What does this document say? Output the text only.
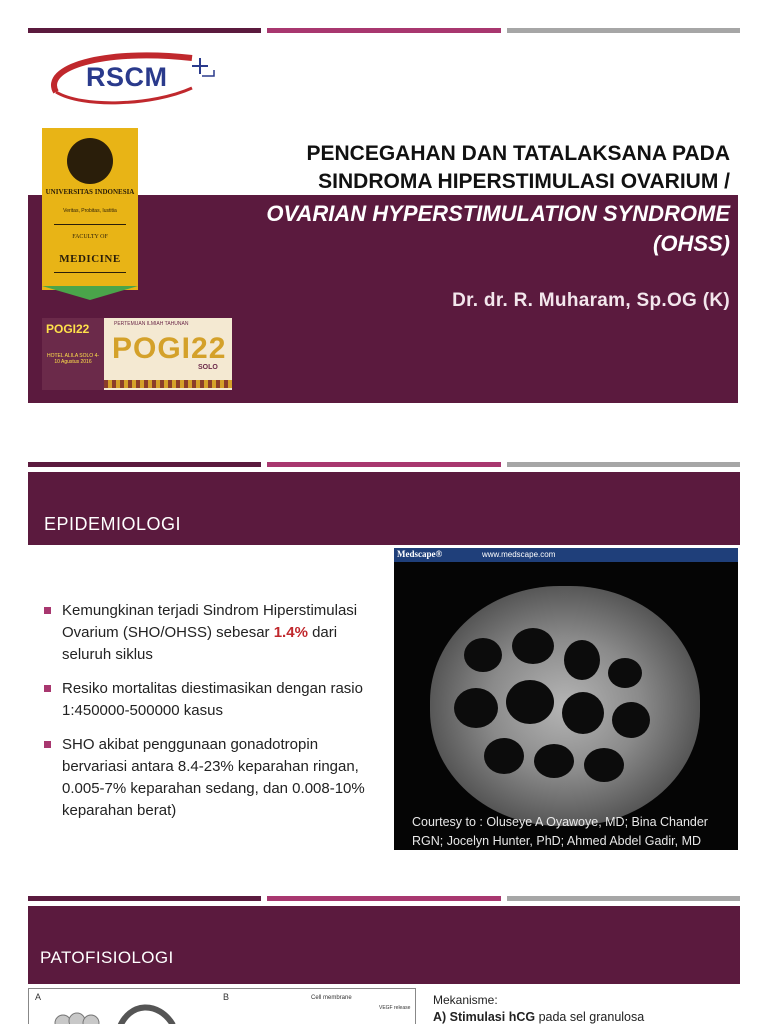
RSCM
UNIVERSITAS INDONESIA
Veritas, Probitas, Iustitia
FACULTY OF
MEDICINE
PENCEGAHAN DAN TATALAKSANA PADA
SINDROMA HIPERSTIMULASI OVARIUM /
OVARIAN HYPERSTIMULATION SYNDROME
(OHSS)
Dr. dr. R. Muharam, Sp.OG (K)
POGI22
HOTEL ALILA SOLO 4-10 Agustus 2016
PERTEMUAN ILMIAH TAHUNAN
POGI22
SOLO
EPIDEMIOLOGI
Kemungkinan terjadi Sindrom Hiperstimulasi Ovarium (SHO/OHSS) sebesar 1.4% dari seluruh siklus
Resiko mortalitas diestimasikan dengan rasio 1:450000-500000 kasus
SHO akibat penggunaan gonadotropin bervariasi antara 8.4-23% keparahan ringan, 0.005-7% keparahan sedang, dan 0.008-10% keparahan berat)
Medscape®	www.medscape.com
Courtesy to : Oluseye A Oyawoye, MD; Bina Chander RGN; Jocelyn Hunter, PhD; Ahmed Abdel Gadir, MD
PATOFISIOLOGI
A	B	Cell membrane
VEGF release
Mekanisme:
A) Stimulasi hCG pada sel granulosa
